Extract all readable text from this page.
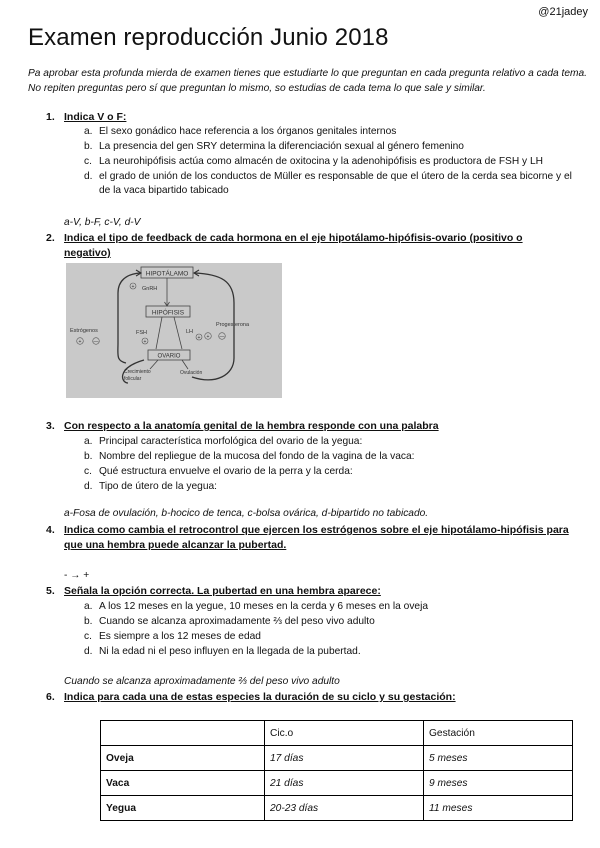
@21jadey
Examen reproducción Junio 2018
Pa aprobar esta profunda mierda de examen tienes que estudiarte lo que preguntan en cada pregunta relativo a cada tema. No repiten preguntas pero sí que preguntan lo mismo, so estudias de cada tema lo que sale y similar.
1. Indica V o F:
a. El sexo gonádico hace referencia a los órganos genitales internos
b. La presencia del gen SRY determina la diferenciación sexual al género femenino
c. La neurohipófisis actúa como almacén de oxitocina y la adenohipófisis es productora de FSH y LH
d. el grado de unión de los conductos de Müller es responsable de que el útero de la cerda sea bicorne y el de la vaca bipartido tabicado
a-V, b-F, c-V, d-V
2. Indica el tipo de feedback de cada hormona en el eje hipotálamo-hipófisis-ovario (positivo o negativo)
HIPOTÁLAMO
GnRH
+
HIPÓFISIS
FSH
+
LH
+
OVARIO
Crecimiento
folicular
Ovulación
Estrógenos
+ —
Progesterona
+ —
3. Con respecto a la anatomía genital de la hembra responde con una palabra
a. Principal característica morfológica del ovario de la yegua:
b. Nombre del repliegue de la mucosa del fondo de la vagina de la vaca:
c. Qué estructura envuelve el ovario de la perra y la cerda:
d. Tipo de útero de la yegua:
a-Fosa de ovulación, b-hocico de tenca, c-bolsa ovárica, d-bipartido no tabicado.
4. Indica como cambia el retrocontrol que ejercen los estrógenos sobre el eje hipotálamo-hipófisis para que una hembra puede alcanzar la pubertad.
- → +
5. Señala la opción correcta. La pubertad en una hembra aparece:
a. A los 12 meses en la yegue, 10 meses en la cerda y 6 meses en la oveja
b. Cuando se alcanza aproximadamente ⅔ del peso vivo adulto
c. Es siempre a los 12 meses de edad
d. Ni la edad ni el peso influyen en la llegada de la pubertad.
Cuando se alcanza aproximadamente ⅔ del peso vivo adulto
6. Indica para cada una de estas especies la duración de su ciclo y su gestación:
	Cic.o	Gestación
Oveja	17 días	5 meses
Vaca	21 días	9 meses
Yegua	20-23 días	11 meses
